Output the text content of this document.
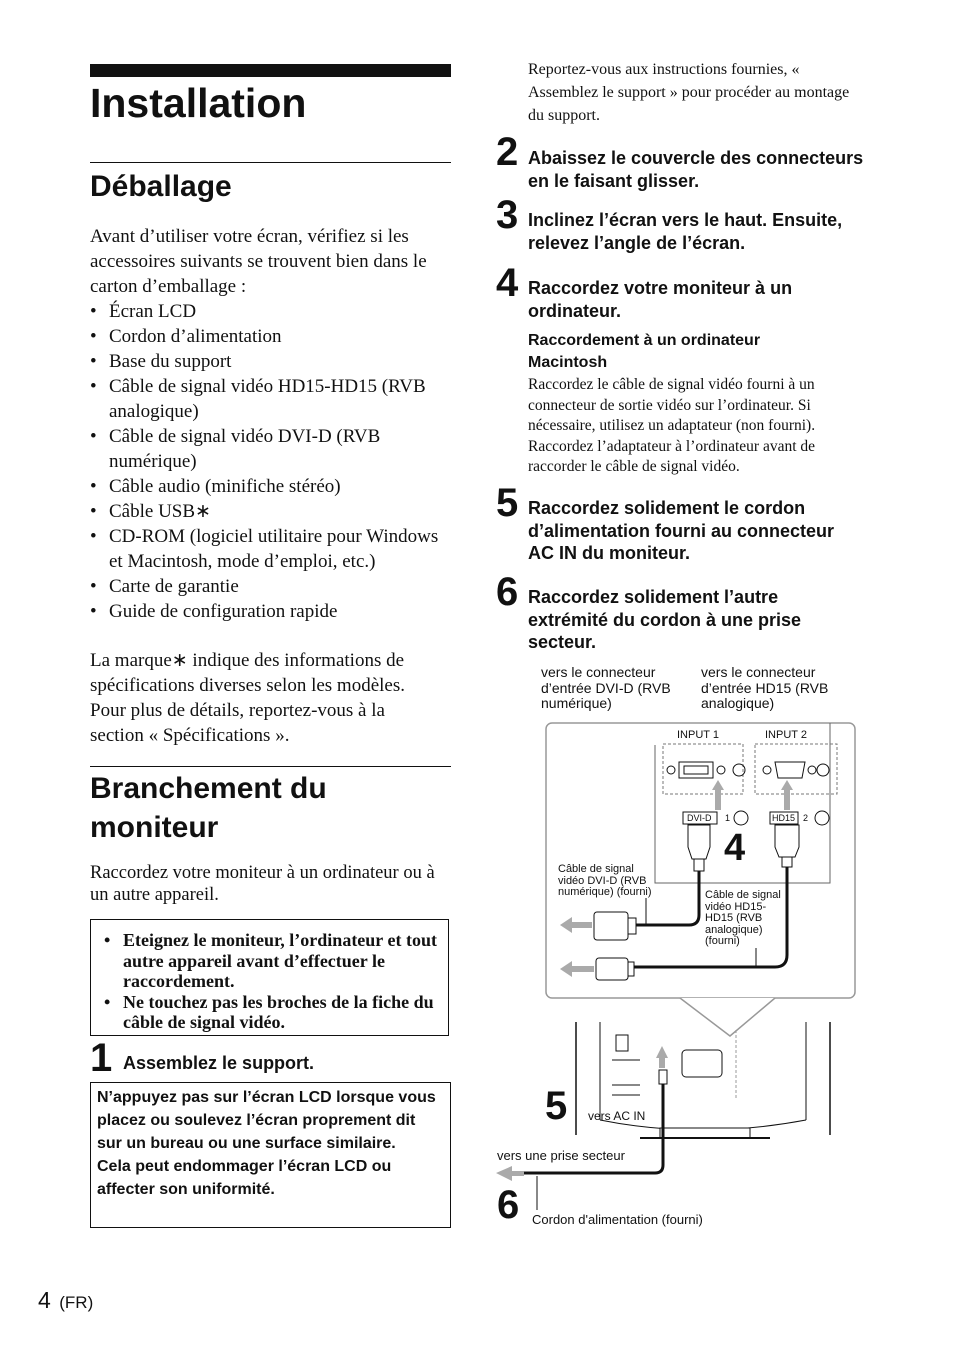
Installation
Déballage
Avant d’utiliser votre écran, vérifiez si les accessoires suivants se trouvent bien dans le carton d’emballage :
• Écran LCD
• Cordon d’alimentation
• Base du support
• Câble de signal vidéo HD15-HD15 (RVB analogique)
• Câble de signal vidéo DVI-D (RVB numérique)
• Câble audio (minifiche stéréo)
• Câble USB∗
• CD-ROM (logiciel utilitaire pour Windows et Macintosh, mode d’emploi, etc.)
• Carte de garantie
• Guide de configuration rapide
La marque∗ indique des informations de spécifications diverses selon les modèles. Pour plus de détails, reportez-vous à la section « Spécifications ».
Branchement du moniteur
Raccordez votre moniteur à un ordinateur ou à un autre appareil.
• Eteignez le moniteur, l’ordinateur et tout autre appareil avant d’effectuer le raccordement.
• Ne touchez pas les broches de la fiche du câble de signal vidéo.
1 Assemblez le support.
N’appuyez pas sur l’écran LCD lorsque vous placez ou soulevez l’écran proprement dit sur un bureau ou une surface similaire.
Cela peut endommager l’écran LCD ou affecter son uniformité.
4 (FR)
Reportez-vous aux instructions fournies, « Assemblez le support » pour procéder au montage du support.
2 Abaissez le couvercle des connecteurs en le faisant glisser.
3 Inclinez l’écran vers le haut. Ensuite, relevez l’angle de l’écran.
4 Raccordez votre moniteur à un ordinateur.
Raccordement à un ordinateur Macintosh
Raccordez le câble de signal vidéo fourni à un connecteur de sortie vidéo sur l’ordinateur. Si nécessaire, utilisez un adaptateur (non fourni). Raccordez l’adaptateur à l’ordinateur avant de raccorder le câble de signal vidéo.
5 Raccordez solidement le cordon d’alimentation fourni au connecteur AC IN du moniteur.
6 Raccordez solidement l’autre extrémité du cordon à une prise secteur.
vers le connecteur d’entrée DVI-D (RVB numérique)
vers le connecteur d’entrée HD15 (RVB analogique)
INPUT 1	INPUT 2
DVI-D 1	HD15 2
4
Câble de signal vidéo DVI-D (RVB numérique) (fourni)	Câble de signal vidéo HD15-HD15 (RVB analogique) (fourni)
5 vers AC IN
vers une prise secteur
6 Cordon d'alimentation (fourni)
